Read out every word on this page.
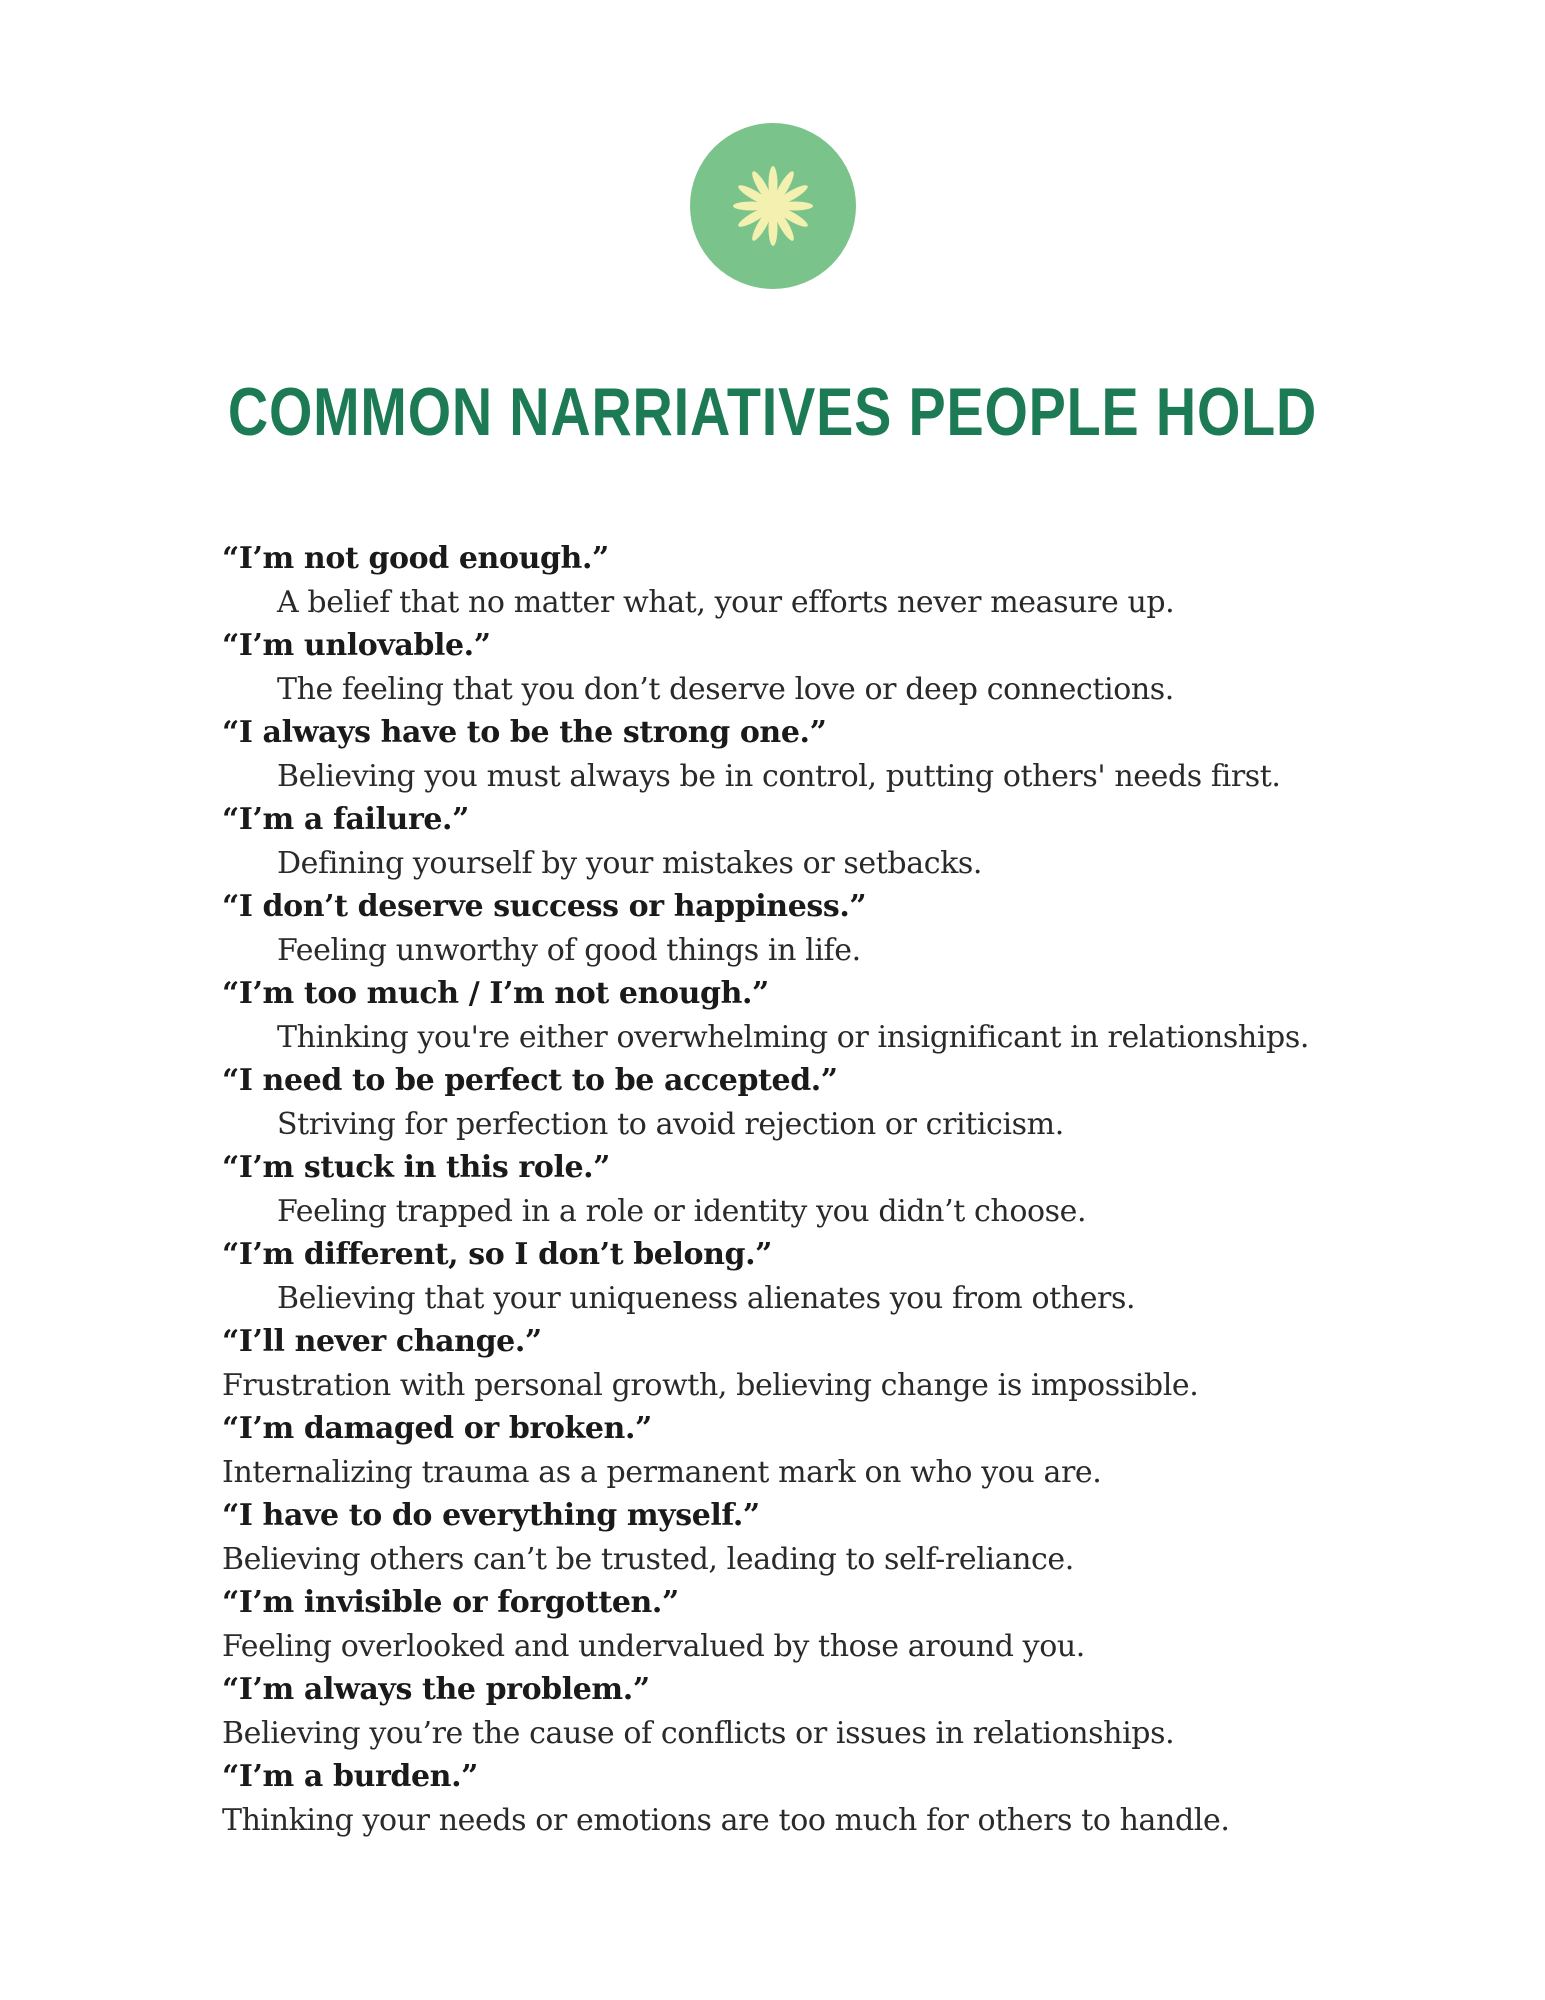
COMMON NARRIATIVES PEOPLE HOLD
“I’m not good enough.”
A belief that no matter what, your efforts never measure up.
“I’m unlovable.”
The feeling that you don’t deserve love or deep connections.
“I always have to be the strong one.”
Believing you must always be in control, putting others' needs first.
“I’m a failure.”
Defining yourself by your mistakes or setbacks.
“I don’t deserve success or happiness.”
Feeling unworthy of good things in life.
“I’m too much / I’m not enough.”
Thinking you're either overwhelming or insignificant in relationships.
“I need to be perfect to be accepted.”
Striving for perfection to avoid rejection or criticism.
“I’m stuck in this role.”
Feeling trapped in a role or identity you didn’t choose.
“I’m different, so I don’t belong.”
Believing that your uniqueness alienates you from others.
“I’ll never change.”
Frustration with personal growth, believing change is impossible.
“I’m damaged or broken.”
Internalizing trauma as a permanent mark on who you are.
“I have to do everything myself.”
Believing others can’t be trusted, leading to self-reliance.
“I’m invisible or forgotten.”
Feeling overlooked and undervalued by those around you.
“I’m always the problem.”
Believing you’re the cause of conflicts or issues in relationships.
“I’m a burden.”
Thinking your needs or emotions are too much for others to handle.
